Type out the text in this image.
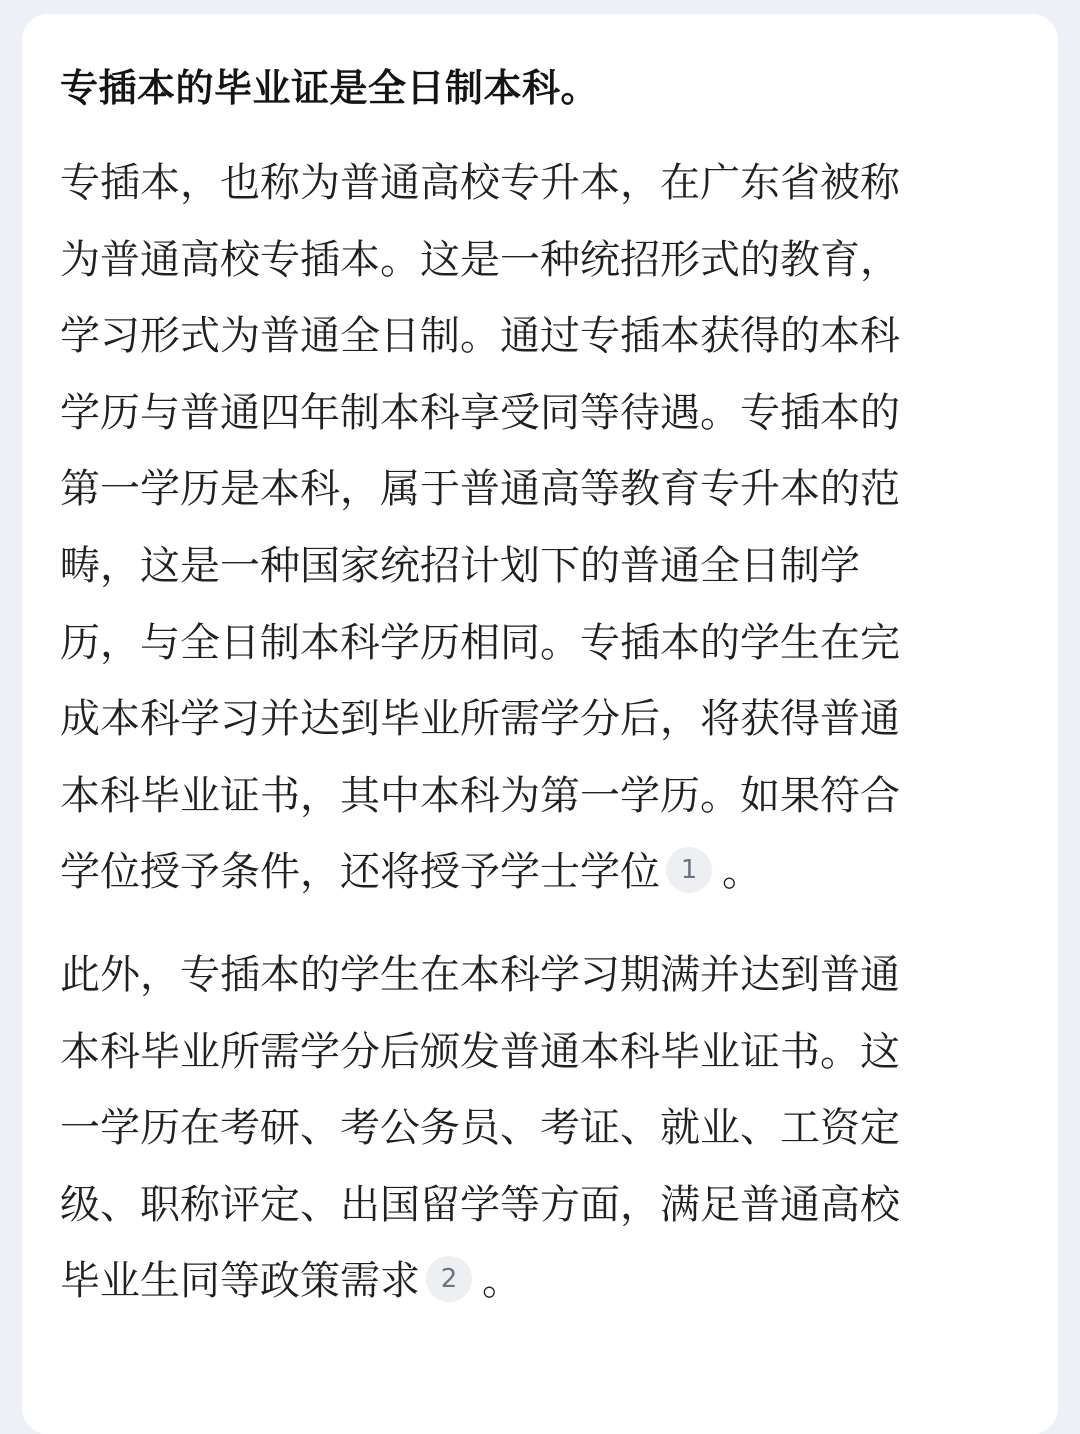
专插本的毕业证是全日制本科。

专插本，也称为普通高校专升本，在广东省被称
为普通高校专插本。这是一种统招形式的教育，
学习形式为普通全日制。通过专插本获得的本科
学历与普通四年制本科享受同等待遇。专插本的
第一学历是本科，属于普通高等教育专升本的范
畴，这是一种国家统招计划下的普通全日制学
历，与全日制本科学历相同。专插本的学生在完
成本科学习并达到毕业所需学分后，将获得普通
本科毕业证书，其中本科为第一学历。如果符合
学位授予条件，还将授予学士学位 1 。
此外，专插本的学生在本科学习期满并达到普通
本科毕业所需学分后颁发普通本科毕业证书。这
一学历在考研、考公务员、考证、就业、工资定
级、职称评定、出国留学等方面，满足普通高校
毕业生同等政策需求 2 。
